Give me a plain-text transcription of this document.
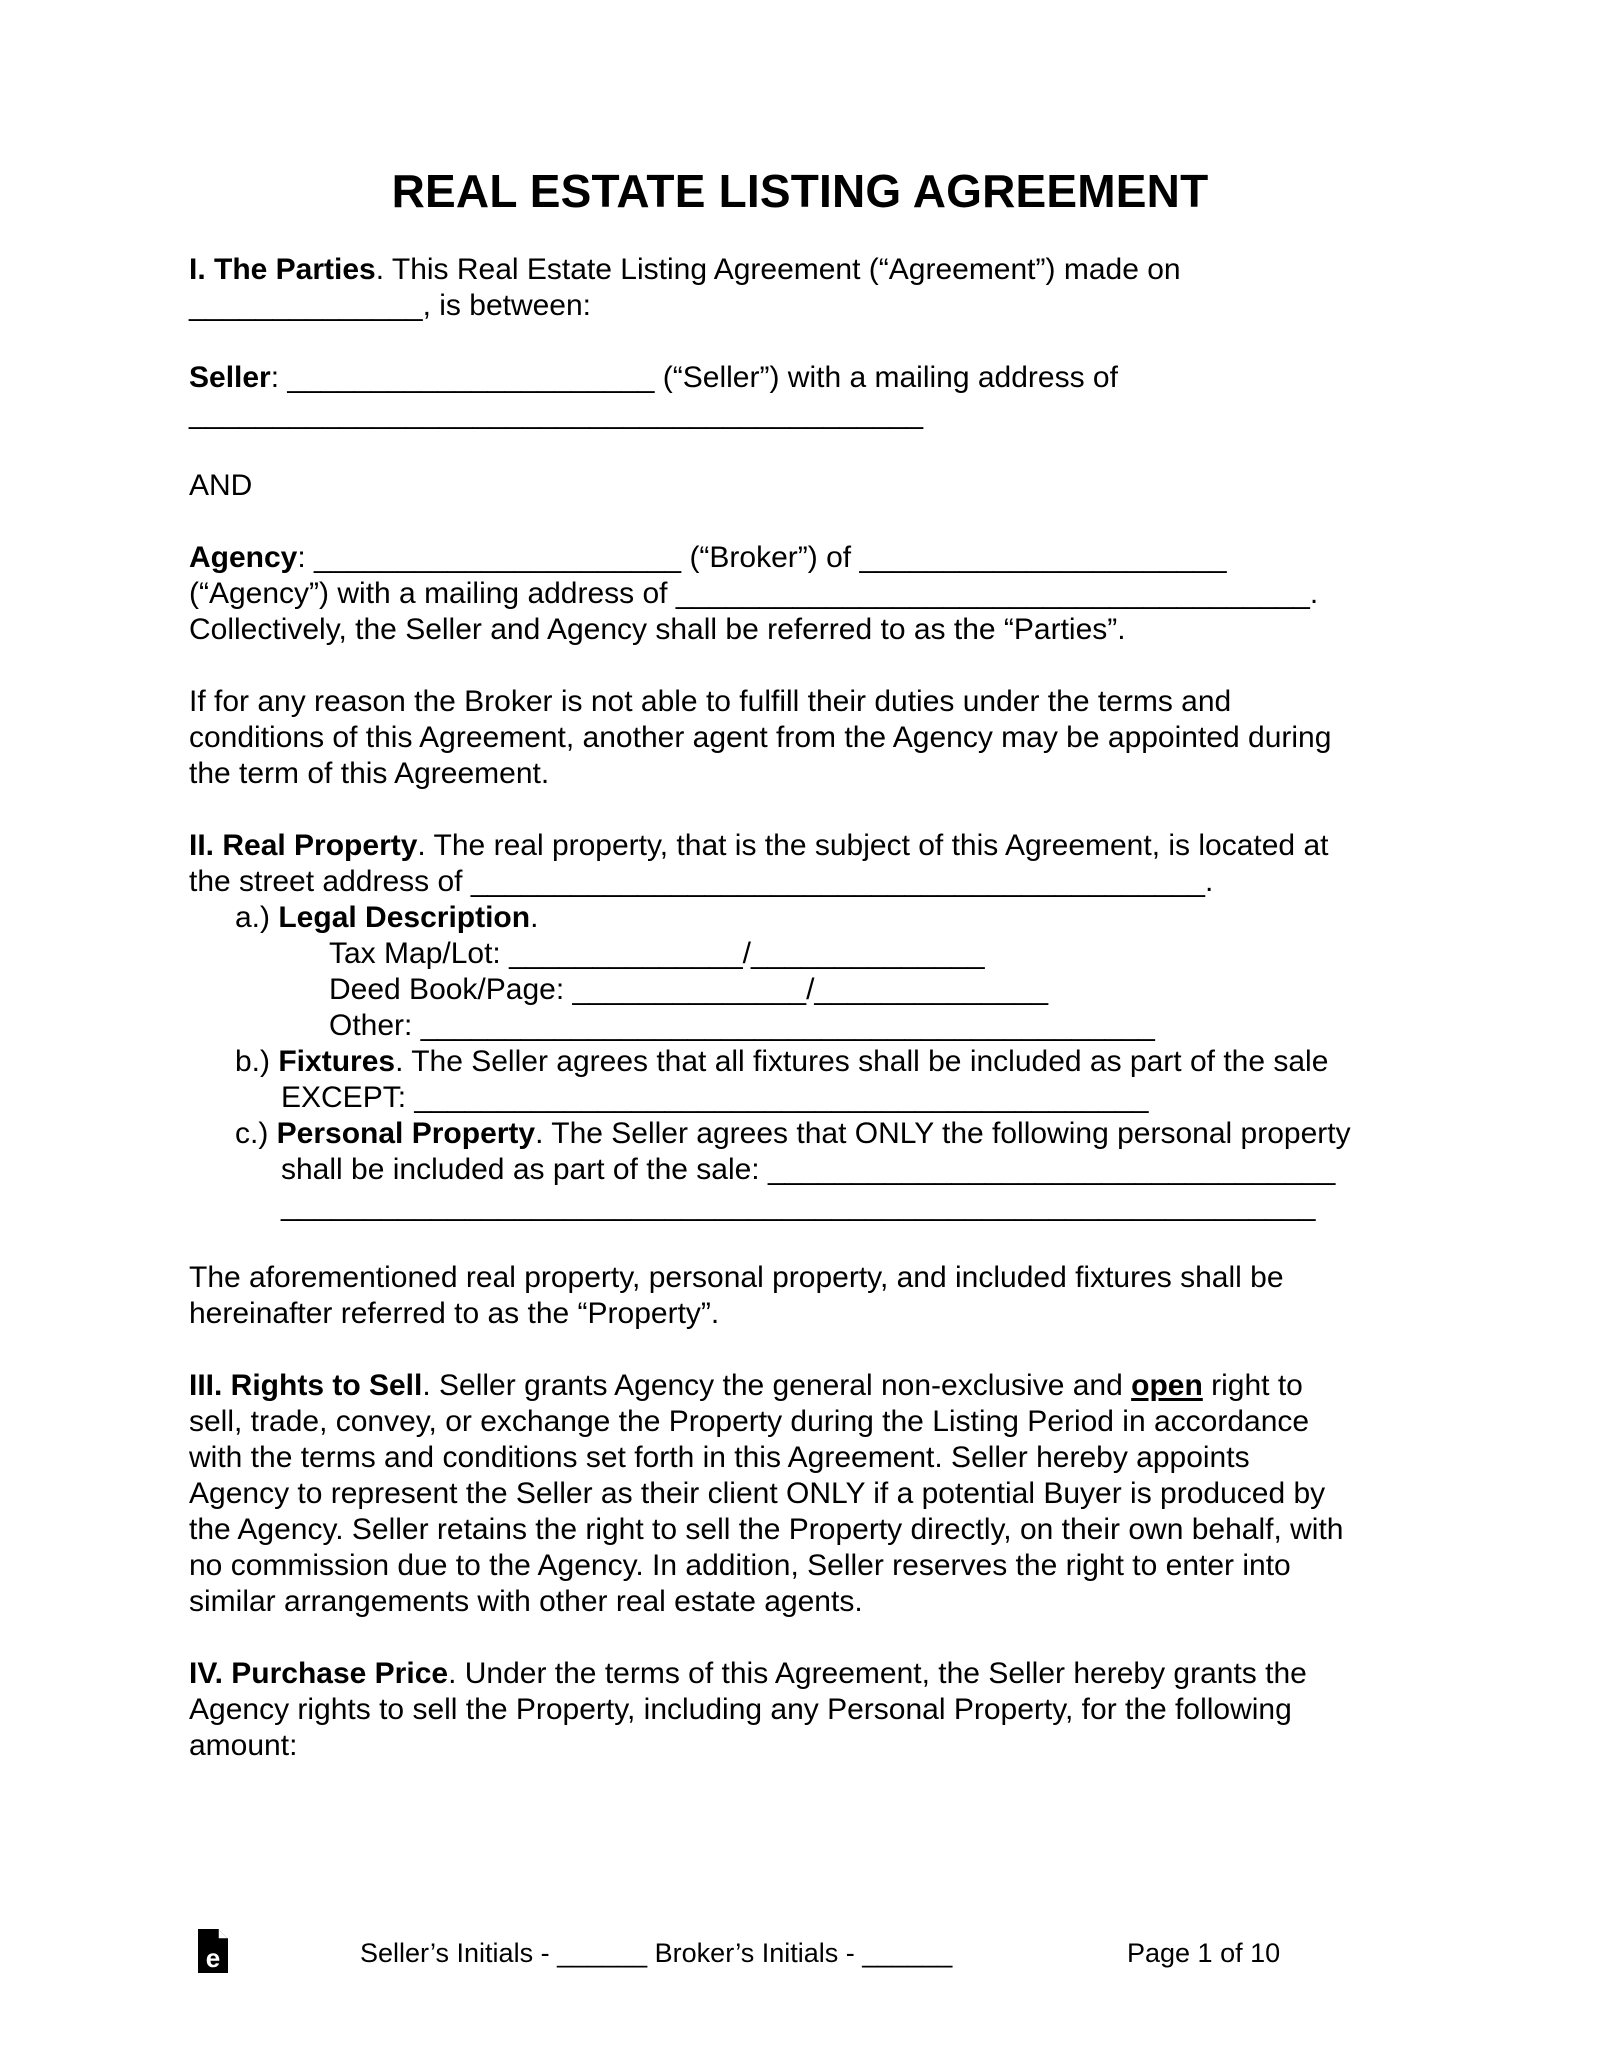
REAL ESTATE LISTING AGREEMENT

I. The Parties. This Real Estate Listing Agreement (“Agreement”) made on

______________, is between:

Seller: ______________________ (“Seller”) with a mailing address of

____________________________________________

AND

Agency: ______________________ (“Broker”) of ______________________

(“Agency”) with a mailing address of ______________________________________.

Collectively, the Seller and Agency shall be referred to as the “Parties”.

If for any reason the Broker is not able to fulfill their duties under the terms and

conditions of this Agreement, another agent from the Agency may be appointed during

the term of this Agreement.

II. Real Property. The real property, that is the subject of this Agreement, is located at

the street address of ____________________________________________.

a.) Legal Description.

Tax Map/Lot: ______________/______________

Deed Book/Page: ______________/______________

Other: ____________________________________________

b.) Fixtures. The Seller agrees that all fixtures shall be included as part of the sale

EXCEPT: ____________________________________________

c.) Personal Property. The Seller agrees that ONLY the following personal property

shall be included as part of the sale: __________________________________

______________________________________________________________

The aforementioned real property, personal property, and included fixtures shall be

hereinafter referred to as the “Property”.

III. Rights to Sell. Seller grants Agency the general non-exclusive and open right to

sell, trade, convey, or exchange the Property during the Listing Period in accordance

with the terms and conditions set forth in this Agreement. Seller hereby appoints

Agency to represent the Seller as their client ONLY if a potential Buyer is produced by

the Agency. Seller retains the right to sell the Property directly, on their own behalf, with

no commission due to the Agency. In addition, Seller reserves the right to enter into

similar arrangements with other real estate agents.

IV. Purchase Price. Under the terms of this Agreement, the Seller hereby grants the

Agency rights to sell the Property, including any Personal Property, for the following

amount:

e	Seller’s Initials - ______ Broker’s Initials - ______	Page 1 of 10
